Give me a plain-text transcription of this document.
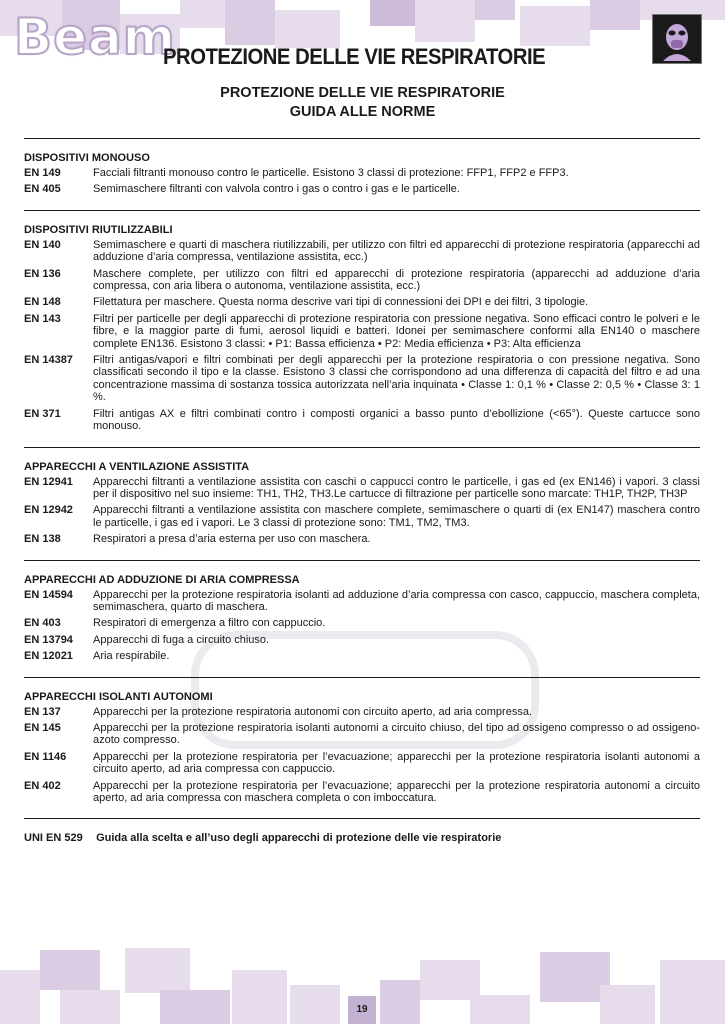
Beam
PROTEZIONE DELLE VIE RESPIRATORIE
PROTEZIONE DELLE VIE RESPIRATORIE
GUIDA ALLE NORME
DISPOSITIVI MONOUSO
EN 149	Facciali filtranti monouso contro le particelle. Esistono 3 classi di protezione: FFP1, FFP2 e FFP3.
EN 405	Semimaschere filtranti con valvola contro i gas o contro i gas e le particelle.
DISPOSITIVI RIUTILIZZABILI
EN 140	Semimaschere e quarti di maschera riutilizzabili, per utilizzo con filtri ed apparecchi di protezione respiratoria (apparecchi ad adduzione d’aria compressa, ventilazione assistita, ecc.)
EN 136	Maschere complete, per utilizzo con filtri ed apparecchi di protezione respiratoria (apparecchi ad adduzione d’aria compressa, con aria libera o autonoma, ventilazione assistita, ecc.)
EN 148	Filettatura per maschere. Questa norma descrive vari tipi di connessioni dei DPI e dei filtri, 3 tipologie.
EN 143	Filtri per particelle per degli apparecchi di protezione respiratoria con pressione negativa. Sono efficaci contro le polveri e le fibre, e la maggior parte di fumi, aerosol liquidi e batteri. Idonei per semimaschere conformi alla EN140 o maschere complete EN136. Esistono 3 classi: • P1: Bassa efficienza • P2: Media efficienza • P3: Alta efficienza
EN 14387	Filtri antigas/vapori e filtri combinati per degli apparecchi per la protezione respiratoria o con pressione negativa. Sono classificati secondo il tipo e la classe. Esistono 3 classi che corrispondono ad una differenza di capacità del filtro e ad una concentrazione massima di sostanza tossica autorizzata nell’aria inquinata • Classe 1: 0,1 % • Classe 2: 0,5 % • Classe 3: 1 %.
EN 371	Filtri antigas AX e filtri combinati contro i composti organici a basso punto d’ebollizione (<65°). Queste cartucce sono monouso.
APPARECCHI A VENTILAZIONE ASSISTITA
EN 12941	Apparecchi filtranti a ventilazione assistita con caschi o cappucci contro le particelle, i gas ed (ex EN146) i vapori. 3 classi per il dispositivo nel suo insieme: TH1, TH2, TH3.Le cartucce di filtrazione per particelle sono marcate: TH1P, TH2P, TH3P
EN 12942	Apparecchi filtranti a ventilazione assistita con maschere complete, semimaschere o quarti di (ex EN147) maschera contro le particelle, i gas ed i vapori. Le 3 classi di protezione sono: TM1, TM2, TM3.
EN 138	Respiratori a presa d’aria esterna per uso con maschera.
APPARECCHI AD ADDUZIONE DI ARIA COMPRESSA
EN 14594	Apparecchi per la protezione respiratoria isolanti ad adduzione d’aria compressa con casco, cappuccio, maschera completa, semimaschera, quarto di maschera.
EN 403	Respiratori di emergenza a filtro con cappuccio.
EN 13794	Apparecchi di fuga a circuito chiuso.
EN 12021	Aria respirabile.
APPARECCHI ISOLANTI AUTONOMI
EN 137	Apparecchi per la protezione respiratoria autonomi con circuito aperto, ad aria compressa.
EN 145	Apparecchi per la protezione respiratoria isolanti autonomi a circuito chiuso, del tipo ad ossigeno compresso o ad ossigeno-azoto compresso.
EN 1146	Apparecchi per la protezione respiratoria per l’evacuazione; apparecchi per la protezione respiratoria isolanti autonomi a circuito aperto, ad aria compressa con cappuccio.
EN 402	Apparecchi per la protezione respiratoria per l’evacuazione; apparecchi per la protezione respiratoria autonomi a circuito aperto, ad aria compressa con maschera completa o con imboccatura.
UNI EN 529 Guida alla scelta e all’uso degli apparecchi di protezione delle vie respiratorie
19
